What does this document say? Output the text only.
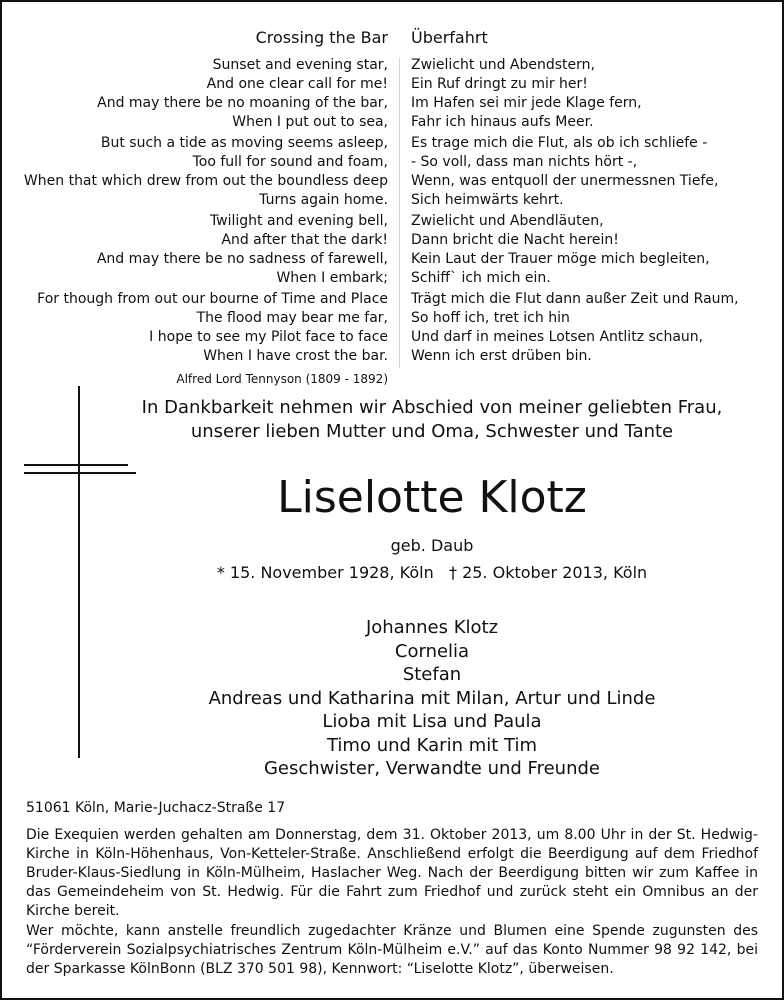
Crossing the Bar Überfahrt
Sunset and evening star,
And one clear call for me!
And may there be no moaning of the bar,
When I put out to sea,
But such a tide as moving seems asleep,
Too full for sound and foam,
When that which drew from out the boundless deep
Turns again home.
Twilight and evening bell,
And after that the dark!
And may there be no sadness of farewell,
When I embark;
For though from out our bourne of Time and Place
The flood may bear me far,
I hope to see my Pilot face to face
When I have crost the bar.
Alfred Lord Tennyson (1809 - 1892)
Zwielicht und Abendstern,
Ein Ruf dringt zu mir her!
Im Hafen sei mir jede Klage fern,
Fahr ich hinaus aufs Meer.
Es trage mich die Flut, als ob ich schliefe -
- So voll, dass man nichts hört -,
Wenn, was entquoll der unermessnen Tiefe,
Sich heimwärts kehrt.
Zwielicht und Abendläuten,
Dann bricht die Nacht herein!
Kein Laut der Trauer möge mich begleiten,
Schiff` ich mich ein.
Trägt mich die Flut dann außer Zeit und Raum,
So hoff ich, tret ich hin
Und darf in meines Lotsen Antlitz schaun,
Wenn ich erst drüben bin.
In Dankbarkeit nehmen wir Abschied von meiner geliebten Frau,
unserer lieben Mutter und Oma, Schwester und Tante
Liselotte Klotz
geb. Daub
* 15. November 1928, Köln   † 25. Oktober 2013, Köln
Johannes Klotz
Cornelia
Stefan
Andreas und Katharina mit Milan, Artur und Linde
Lioba mit Lisa und Paula
Timo und Karin mit Tim
Geschwister, Verwandte und Freunde
51061 Köln, Marie-Juchacz-Straße 17
Die Exequien werden gehalten am Donnerstag, dem 31. Oktober 2013, um 8.00 Uhr in der St. Hedwig-
Kirche in Köln-Höhenhaus, Von-Ketteler-Straße. Anschließend erfolgt die Beerdigung auf dem Friedhof
Bruder-Klaus-Siedlung in Köln-Mülheim, Haslacher Weg. Nach der Beerdigung bitten wir zum Kaffee in
das Gemeindeheim von St. Hedwig. Für die Fahrt zum Friedhof und zurück steht ein Omnibus an der
Kirche bereit.
Wer möchte, kann anstelle freundlich zugedachter Kränze und Blumen eine Spende zugunsten des
“Förderverein Sozialpsychiatrisches Zentrum Köln-Mülheim e.V.” auf das Konto Nummer 98 92 142, bei
der Sparkasse KölnBonn (BLZ 370 501 98), Kennwort: “Liselotte Klotz”, überweisen.
